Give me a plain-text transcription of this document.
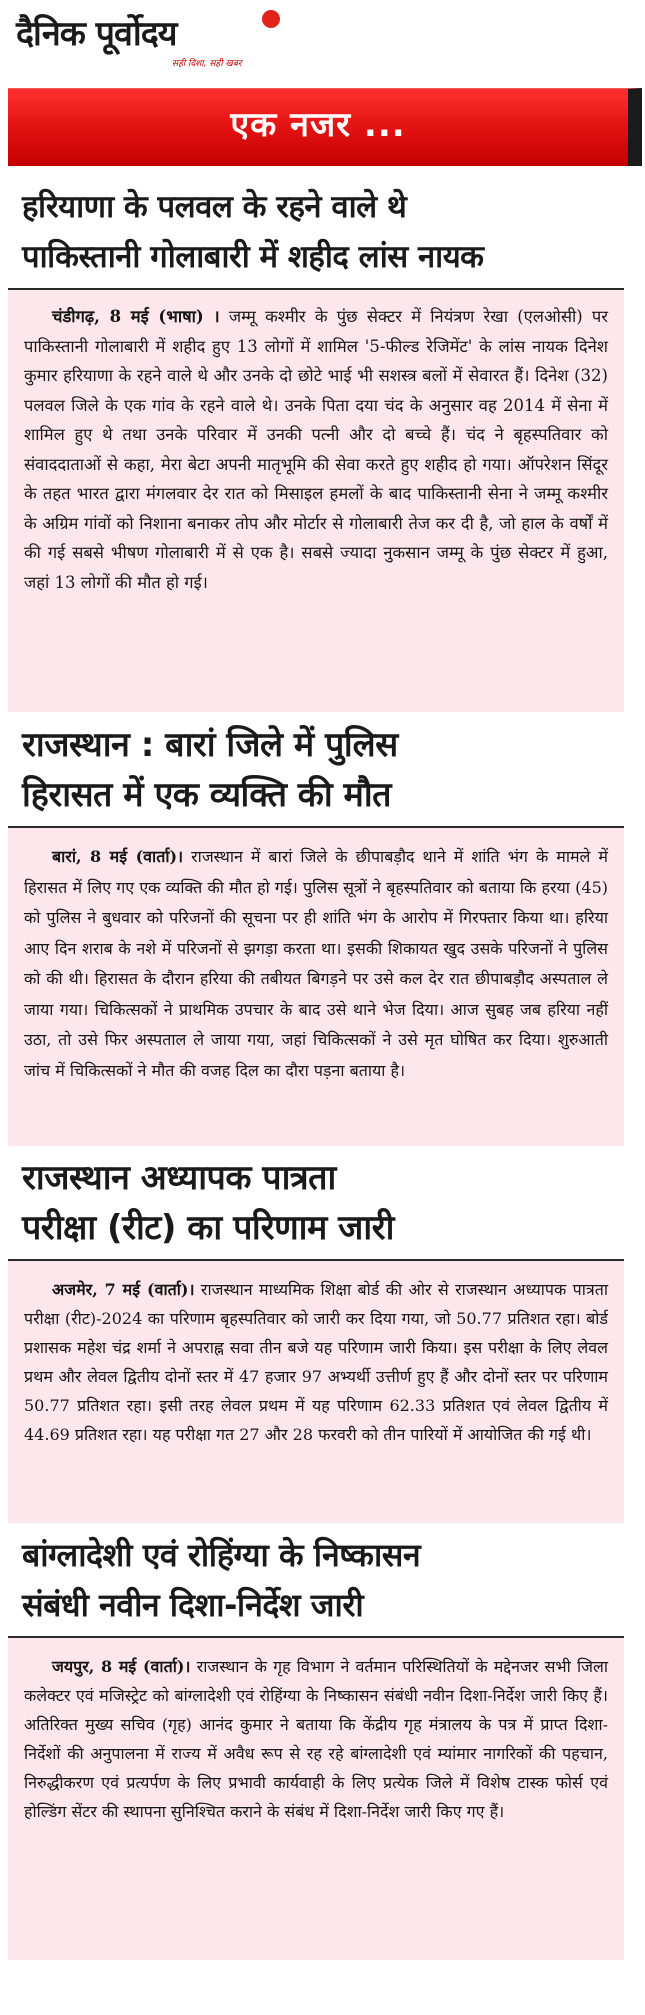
दैनिक पूर्वोदय
सही दिशा, सही खबर
एक नजर ...
हरियाणा के पलवल के रहने वाले थे
पाकिस्तानी गोलाबारी में शहीद लांस नायक
चंडीगढ़, 8 मई (भाषा) । जम्मू कश्मीर के पुंछ सेक्टर में नियंत्रण रेखा (एलओसी) पर पाकिस्तानी गोलाबारी में शहीद हुए 13 लोगों में शामिल '5-फील्ड रेजिमेंट' के लांस नायक दिनेश कुमार हरियाणा के रहने वाले थे और उनके दो छोटे भाई भी सशस्त्र बलों में सेवारत हैं। दिनेश (32) पलवल जिले के एक गांव के रहने वाले थे। उनके पिता दया चंद के अनुसार वह 2014 में सेना में शामिल हुए थे तथा उनके परिवार में उनकी पत्नी और दो बच्चे हैं। चंद ने बृहस्पतिवार को संवाददाताओं से कहा, मेरा बेटा अपनी मातृभूमि की सेवा करते हुए शहीद हो गया। ऑपरेशन सिंदूर के तहत भारत द्वारा मंगलवार देर रात को मिसाइल हमलों के बाद पाकिस्तानी सेना ने जम्मू कश्मीर के अग्रिम गांवों को निशाना बनाकर तोप और मोर्टार से गोलाबारी तेज कर दी है, जो हाल के वर्षों में की गई सबसे भीषण गोलाबारी में से एक है। सबसे ज्यादा नुकसान जम्मू के पुंछ सेक्टर में हुआ, जहां 13 लोगों की मौत हो गई।
राजस्थान : बारां जिले में पुलिस
हिरासत में एक व्यक्ति की मौत
बारां, 8 मई (वार्ता)। राजस्थान में बारां जिले के छीपाबड़ौद थाने में शांति भंग के मामले में हिरासत में लिए गए एक व्यक्ति की मौत हो गई। पुलिस सूत्रों ने बृहस्पतिवार को बताया कि हरया (45) को पुलिस ने बुधवार को परिजनों की सूचना पर ही शांति भंग के आरोप में गिरफ्तार किया था। हरिया आए दिन शराब के नशे में परिजनों से झगड़ा करता था। इसकी शिकायत खुद उसके परिजनों ने पुलिस को की थी। हिरासत के दौरान हरिया की तबीयत बिगड़ने पर उसे कल देर रात छीपाबड़ौद अस्पताल ले जाया गया। चिकित्सकों ने प्राथमिक उपचार के बाद उसे थाने भेज दिया। आज सुबह जब हरिया नहीं उठा, तो उसे फिर अस्पताल ले जाया गया, जहां चिकित्सकों ने उसे मृत घोषित कर दिया। शुरुआती जांच में चिकित्सकों ने मौत की वजह दिल का दौरा पड़ना बताया है।
राजस्थान अध्यापक पात्रता
परीक्षा (रीट) का परिणाम जारी
अजमेर, 7 मई (वार्ता)। राजस्थान माध्यमिक शिक्षा बोर्ड की ओर से राजस्थान अध्यापक पात्रता परीक्षा (रीट)-2024 का परिणाम बृहस्पतिवार को जारी कर दिया गया, जो 50.77 प्रतिशत रहा। बोर्ड प्रशासक महेश चंद्र शर्मा ने अपराह्न सवा तीन बजे यह परिणाम जारी किया। इस परीक्षा के लिए लेवल प्रथम और लेवल द्वितीय दोनों स्तर में 47 हजार 97 अभ्यर्थी उत्तीर्ण हुए हैं और दोनों स्तर पर परिणाम 50.77 प्रतिशत रहा। इसी तरह लेवल प्रथम में यह परिणाम 62.33 प्रतिशत एवं लेवल द्वितीय में 44.69 प्रतिशत रहा। यह परीक्षा गत 27 और 28 फरवरी को तीन पारियों में आयोजित की गई थी।
बांग्लादेशी एवं रोहिंग्या के निष्कासन
संबंधी नवीन दिशा-निर्देश जारी
जयपुर, 8 मई (वार्ता)। राजस्थान के गृह विभाग ने वर्तमान परिस्थितियों के मद्देनजर सभी जिला कलेक्टर एवं मजिस्ट्रेट को बांग्लादेशी एवं रोहिंग्या के निष्कासन संबंधी नवीन दिशा-निर्देश जारी किए हैं। अतिरिक्त मुख्य सचिव (गृह) आनंद कुमार ने बताया कि केंद्रीय गृह मंत्रालय के पत्र में प्राप्त दिशा-निर्देशों की अनुपालना में राज्य में अवैध रूप से रह रहे बांग्लादेशी एवं म्यांमार नागरिकों की पहचान, निरुद्धीकरण एवं प्रत्यर्पण के लिए प्रभावी कार्यवाही के लिए प्रत्येक जिले में विशेष टास्क फोर्स एवं होल्डिंग सेंटर की स्थापना सुनिश्चित कराने के संबंध में दिशा-निर्देश जारी किए गए हैं।
